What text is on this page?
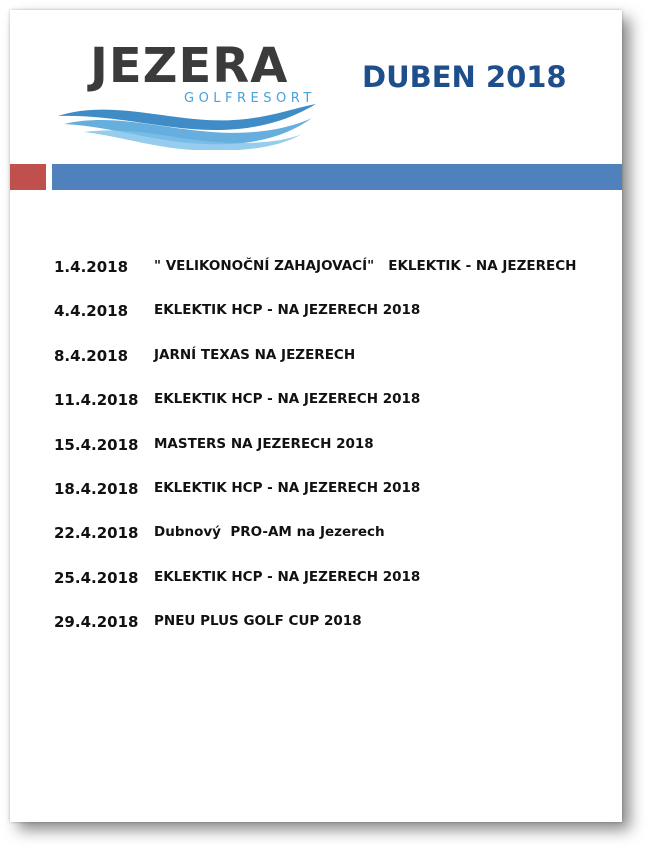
JEZERA
GOLFRESORT
DUBEN 2018
1.4.2018 " VELIKONOČNÍ ZAHAJOVACÍ"   EKLEKTIK - NA JEZERECH
4.4.2018 EKLEKTIK HCP - NA JEZERECH 2018
8.4.2018 JARNÍ TEXAS NA JEZERECH
11.4.2018 EKLEKTIK HCP - NA JEZERECH 2018
15.4.2018 MASTERS NA JEZERECH 2018
18.4.2018 EKLEKTIK HCP - NA JEZERECH 2018
22.4.2018 Dubnový  PRO-AM na Jezerech
25.4.2018 EKLEKTIK HCP - NA JEZERECH 2018
29.4.2018 PNEU PLUS GOLF CUP 2018
